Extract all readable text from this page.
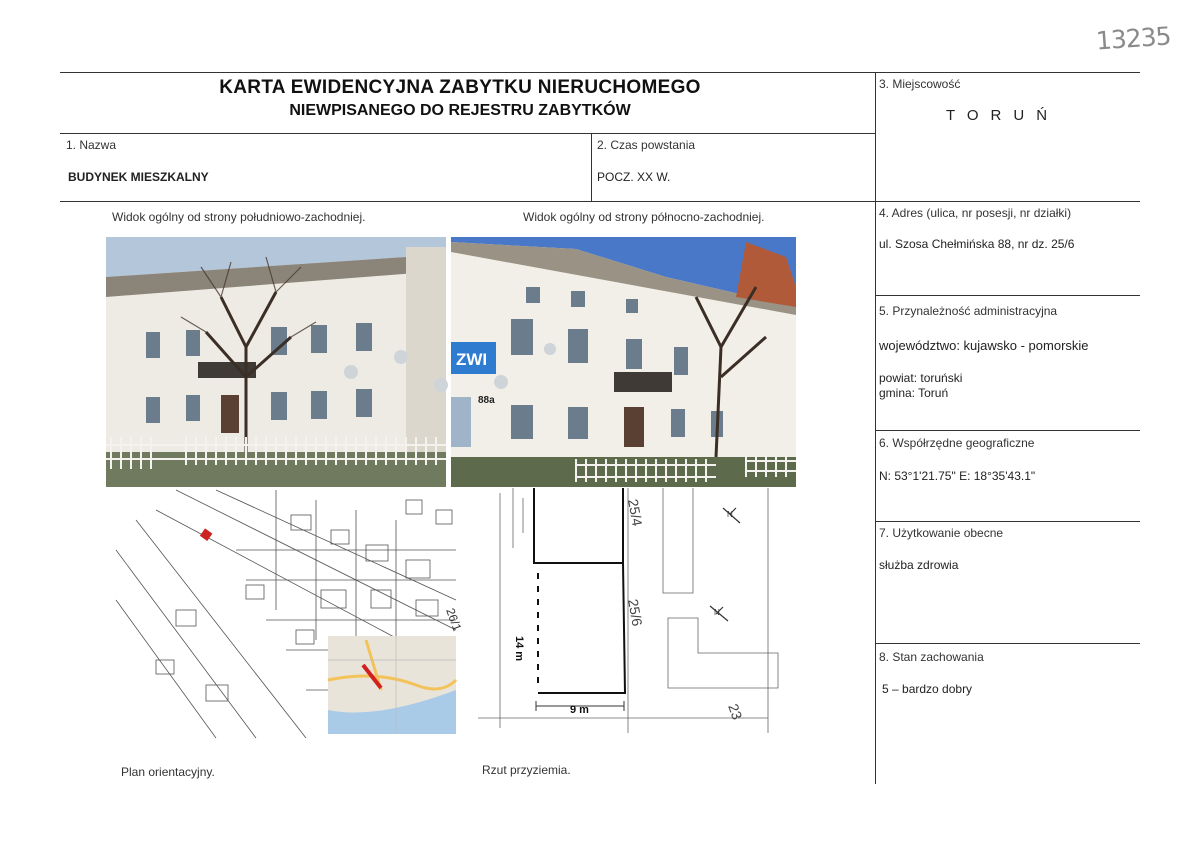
13235
KARTA EWIDENCYJNA ZABYTKU NIERUCHOMEGO
NIEWPISANEGO DO REJESTRU ZABYTKÓW
1. Nazwa
BUDYNEK MIESZKALNY
2. Czas powstania
POCZ. XX W.
3. Miejscowość
TORUŃ
4. Adres (ulica, nr posesji, nr działki)
ul. Szosa Chełmińska 88, nr dz. 25/6
5. Przynależność administracyjna
województwo: kujawsko - pomorskie
powiat: toruński
gmina: Toruń
6. Współrzędne geograficzne
N: 53°1'21.75" E: 18°35'43.1"
7. Użytkowanie obecne
służba zdrowia
8. Stan zachowania
5 – bardzo dobry
Widok ogólny od strony południowo-zachodniej.	Widok ogólny od strony północno-zachodniej.
ZWI
88a
26/1
9 m
14 m
25/4
25/6
23
N
N
Plan orientacyjny.	Rzut przyziemia.
